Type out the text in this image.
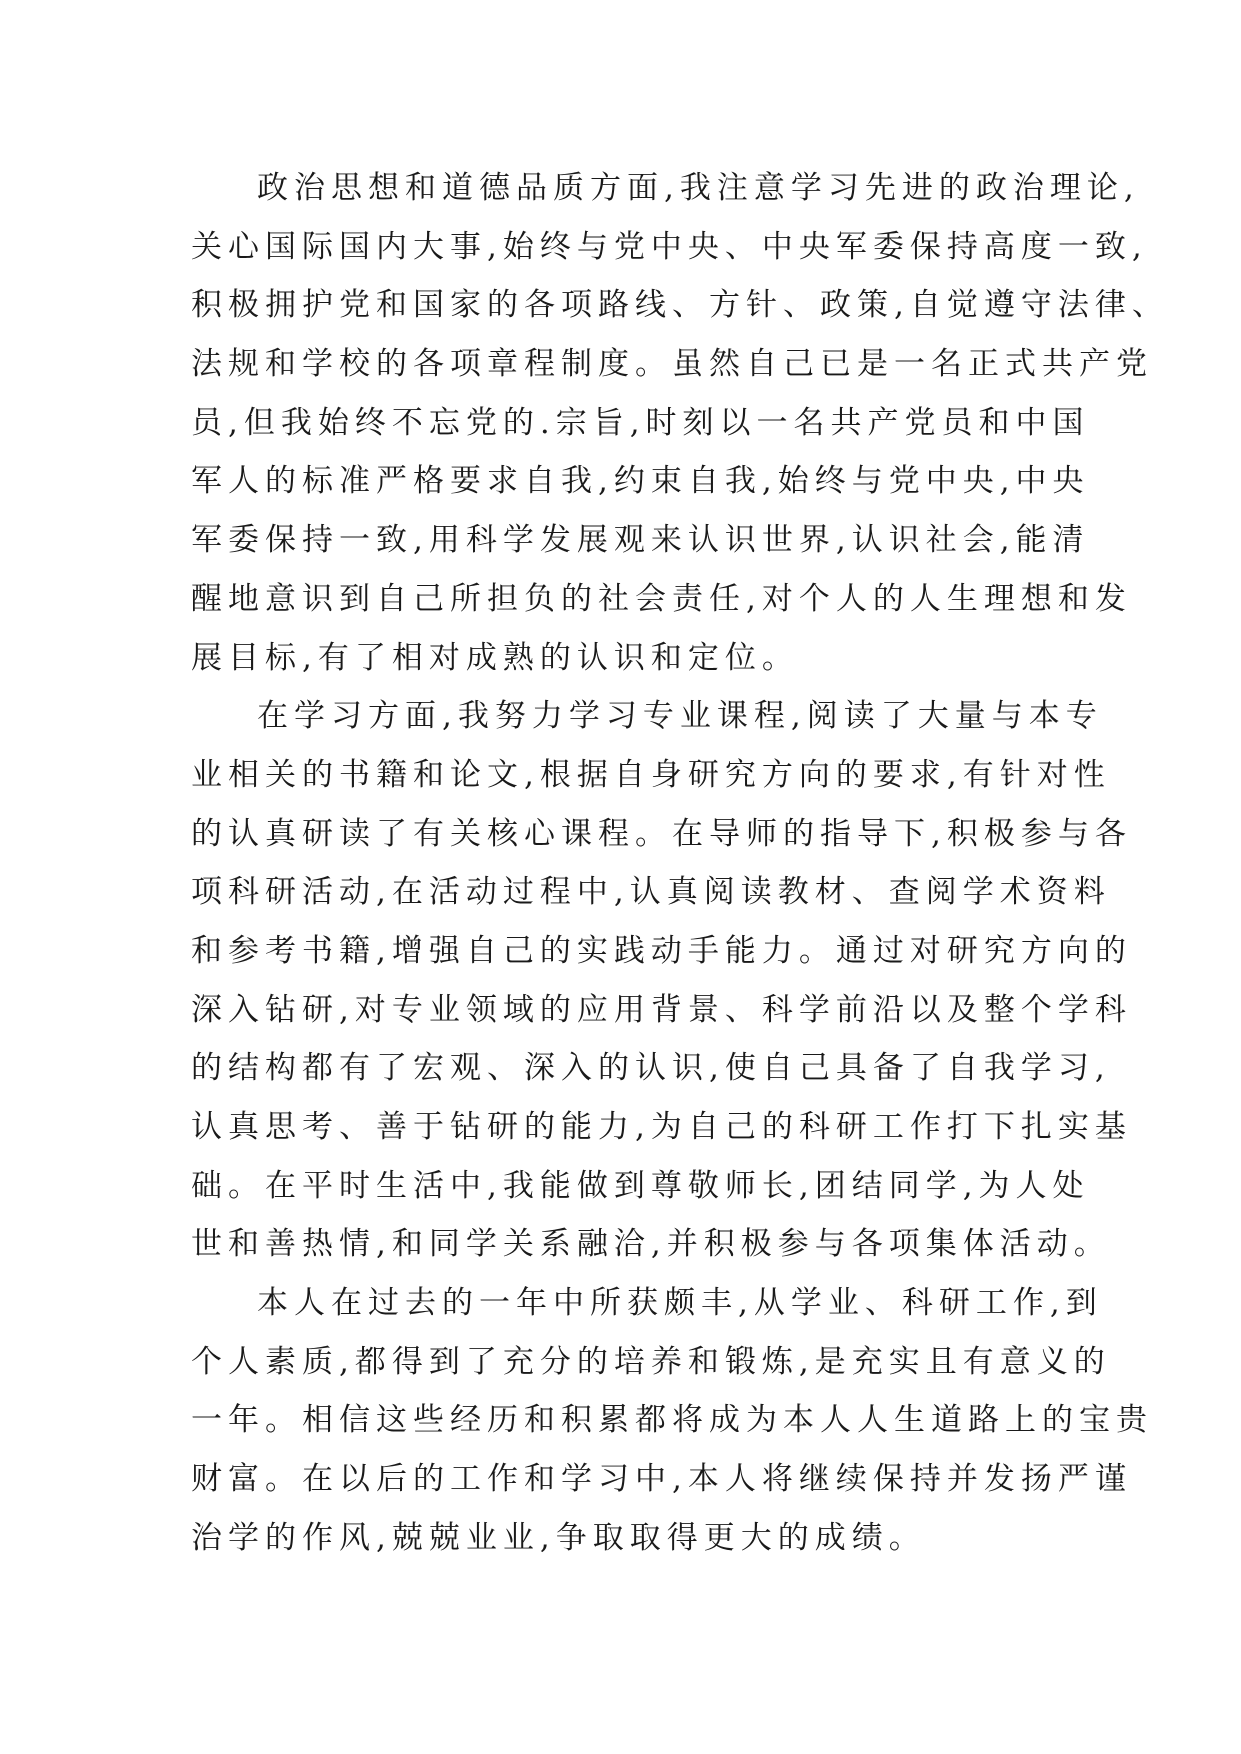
政治思想和道德品质方面,我注意学习先进的政治理论,
关心国际国内大事,始终与党中央、中央军委保持高度一致,
积极拥护党和国家的各项路线、方针、政策,自觉遵守法律、
法规和学校的各项章程制度。虽然自己已是一名正式共产党
员,但我始终不忘党的.宗旨,时刻以一名共产党员和中国
军人的标准严格要求自我,约束自我,始终与党中央,中央
军委保持一致,用科学发展观来认识世界,认识社会,能清
醒地意识到自己所担负的社会责任,对个人的人生理想和发
展目标,有了相对成熟的认识和定位。
在学习方面,我努力学习专业课程,阅读了大量与本专
业相关的书籍和论文,根据自身研究方向的要求,有针对性
的认真研读了有关核心课程。在导师的指导下,积极参与各
项科研活动,在活动过程中,认真阅读教材、查阅学术资料
和参考书籍,增强自己的实践动手能力。通过对研究方向的
深入钻研,对专业领域的应用背景、科学前沿以及整个学科
的结构都有了宏观、深入的认识,使自己具备了自我学习,
认真思考、善于钻研的能力,为自己的科研工作打下扎实基
础。在平时生活中,我能做到尊敬师长,团结同学,为人处
世和善热情,和同学关系融洽,并积极参与各项集体活动。
本人在过去的一年中所获颇丰,从学业、科研工作,到
个人素质,都得到了充分的培养和锻炼,是充实且有意义的
一年。相信这些经历和积累都将成为本人人生道路上的宝贵
财富。在以后的工作和学习中,本人将继续保持并发扬严谨
治学的作风,兢兢业业,争取取得更大的成绩。
